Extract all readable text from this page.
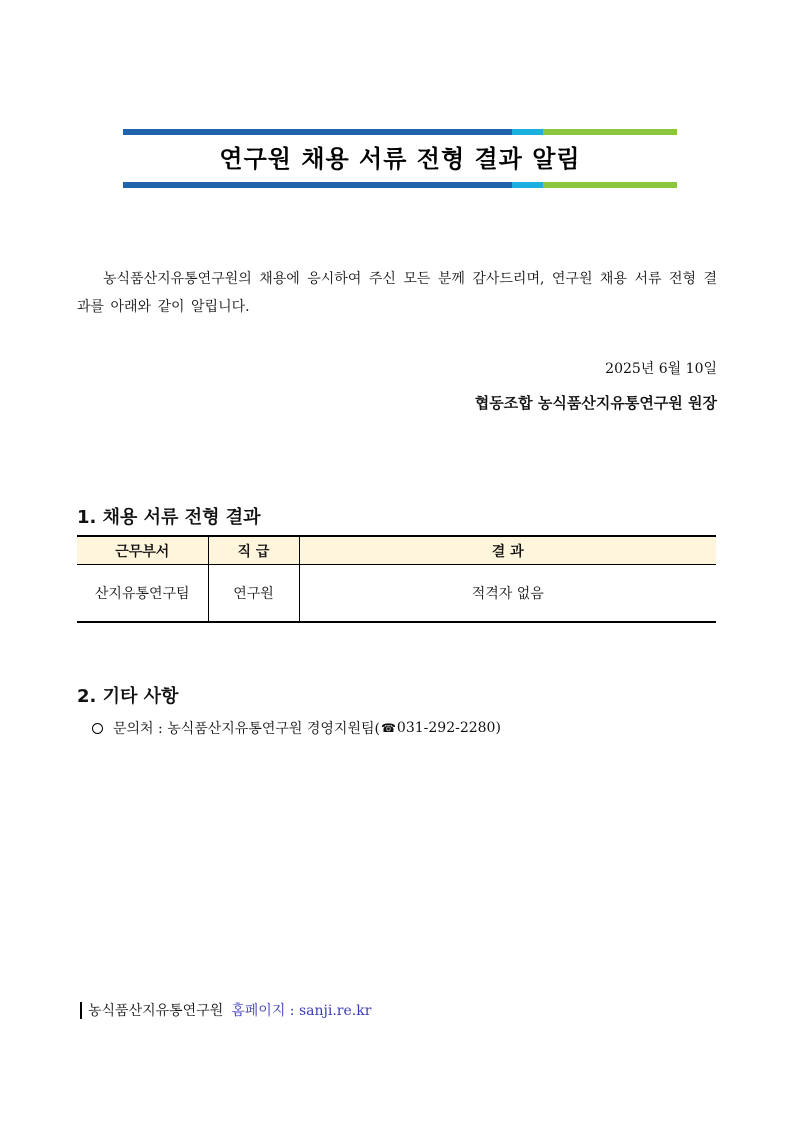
연구원 채용 서류 전형 결과 알림

농식품산지유통연구원의 채용에 응시하여 주신 모든 분께 감사드리며, 연구원 채용 서류 전형 결과를 아래와 같이 알립니다.

2025년 6월 10일
협동조합 농식품산지유통연구원 원장
1. 채용 서류 전형 결과
근무부서	직 급	결 과
산지유통연구팀	연구원	적격자 없음
2. 기타 사항
문의처 : 농식품산지유통연구원 경영지원팀( ☎ 031-292-2280 )
농식품산지유통연구원 홈페이지 : sanji.re.kr
